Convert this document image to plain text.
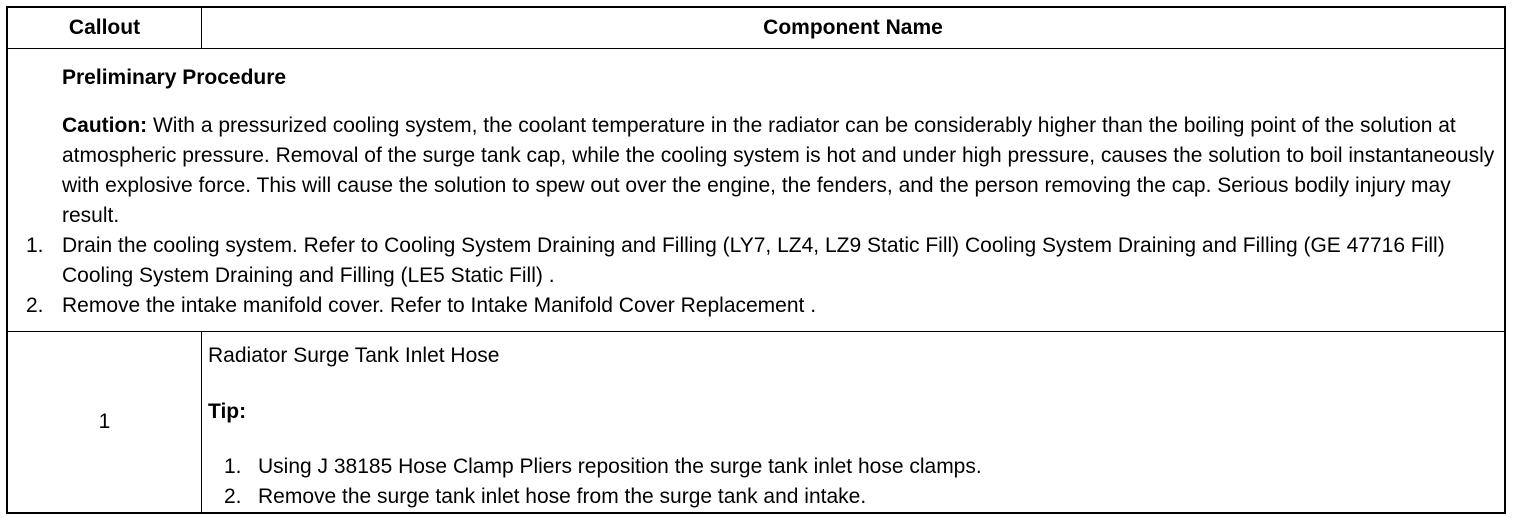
Callout	Component Name
Preliminary Procedure
Caution: With a pressurized cooling system, the coolant temperature in the radiator can be considerably higher than the boiling point of the solution at atmospheric pressure. Removal of the surge tank cap, while the cooling system is hot and under high pressure, causes the solution to boil instantaneously with explosive force. This will cause the solution to spew out over the engine, the fenders, and the person removing the cap. Serious bodily injury may result.
1. Drain the cooling system. Refer to Cooling System Draining and Filling (LY7, LZ4, LZ9 Static Fill) Cooling System Draining and Filling (GE 47716 Fill) Cooling System Draining and Filling (LE5 Static Fill) .
2. Remove the intake manifold cover. Refer to Intake Manifold Cover Replacement .
1
Radiator Surge Tank Inlet Hose
Tip:
1. Using J 38185 Hose Clamp Pliers reposition the surge tank inlet hose clamps.
2. Remove the surge tank inlet hose from the surge tank and intake.
